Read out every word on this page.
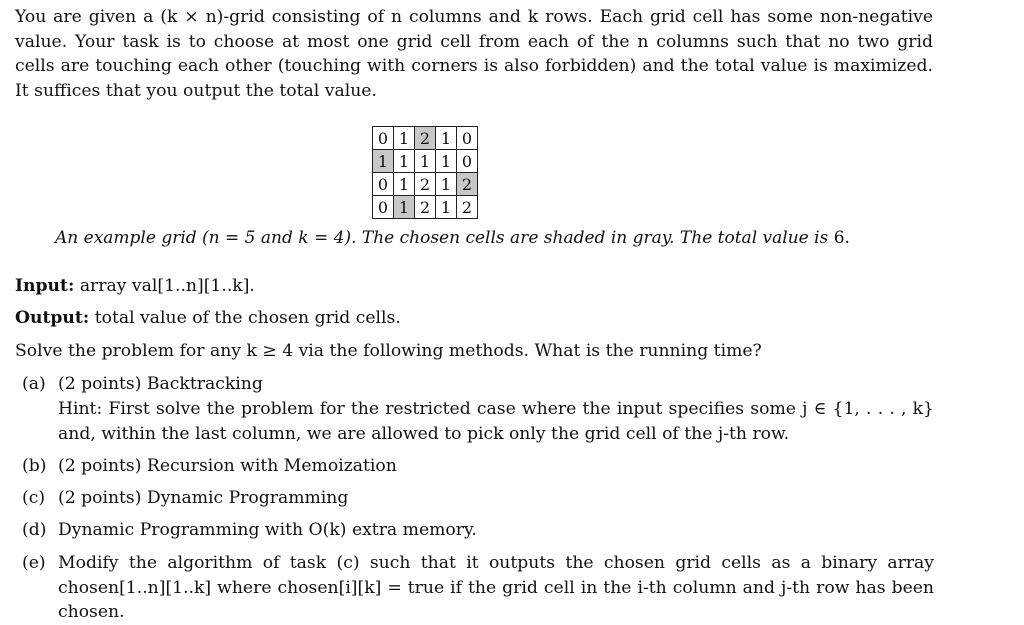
You are given a (k × n)-grid consisting of n columns and k rows. Each grid cell has some non-negative
value. Your task is to choose at most one grid cell from each of the n columns such that no two grid
cells are touching each other (touching with corners is also forbidden) and the total value is maximized.
It suffices that you output the total value.
0	1	2	1	0
1	1	1	1	0
0	1	2	1	2
0	1	2	1	2
An example grid (n = 5 and k = 4). The chosen cells are shaded in gray. The total value is 6.
Input: array val[1..n][1..k].
Output: total value of the chosen grid cells.
Solve the problem for any k ≥ 4 via the following methods. What is the running time?
(a) (2 points) Backtracking
Hint: First solve the problem for the restricted case where the input specifies some j ∈ {1, . . . , k}
and, within the last column, we are allowed to pick only the grid cell of the j-th row.
(b) (2 points) Recursion with Memoization
(c) (2 points) Dynamic Programming
(d) Dynamic Programming with O(k) extra memory.
(e) Modify the algorithm of task (c) such that it outputs the chosen grid cells as a binary array
chosen[1..n][1..k] where chosen[i][k] = true if the grid cell in the i-th column and j-th row has been
chosen.
